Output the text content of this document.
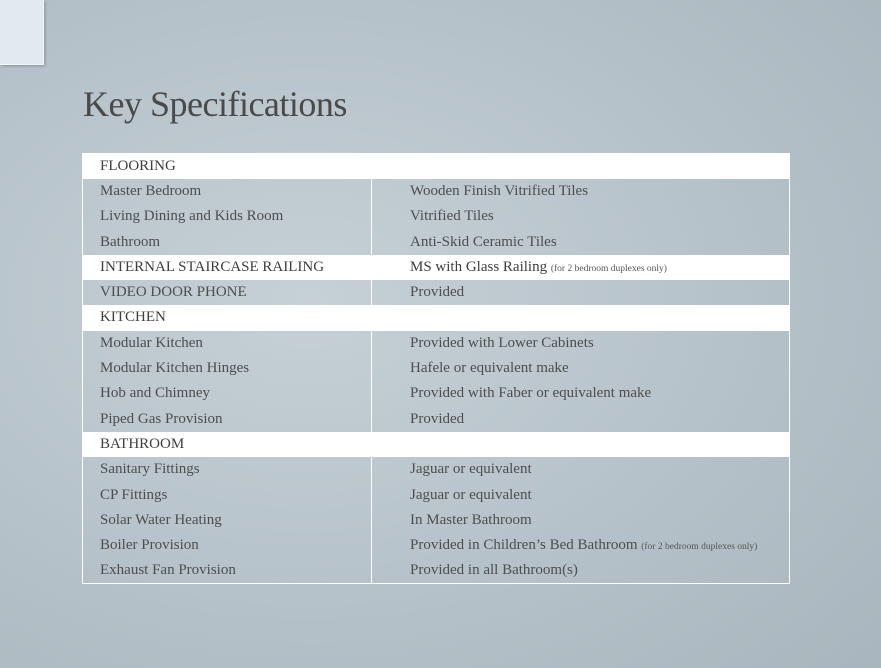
Key Specifications
FLOORING	
Master Bedroom	Wooden Finish Vitrified Tiles
Living Dining and Kids Room	Vitrified Tiles
Bathroom	Anti-Skid Ceramic Tiles
INTERNAL STAIRCASE RAILING	MS with Glass Railing (for 2 bedroom duplexes only)
VIDEO DOOR PHONE	Provided
KITCHEN	
Modular Kitchen	Provided with Lower Cabinets
Modular Kitchen Hinges	Hafele or equivalent make
Hob and Chimney	Provided with Faber or equivalent make
Piped Gas Provision	Provided
BATHROOM	
Sanitary Fittings	Jaguar or equivalent
CP Fittings	Jaguar or equivalent
Solar Water Heating	In Master Bathroom
Boiler Provision	Provided in Children’s Bed Bathroom (for 2 bedroom duplexes only)
Exhaust Fan Provision	Provided in all Bathroom(s)
